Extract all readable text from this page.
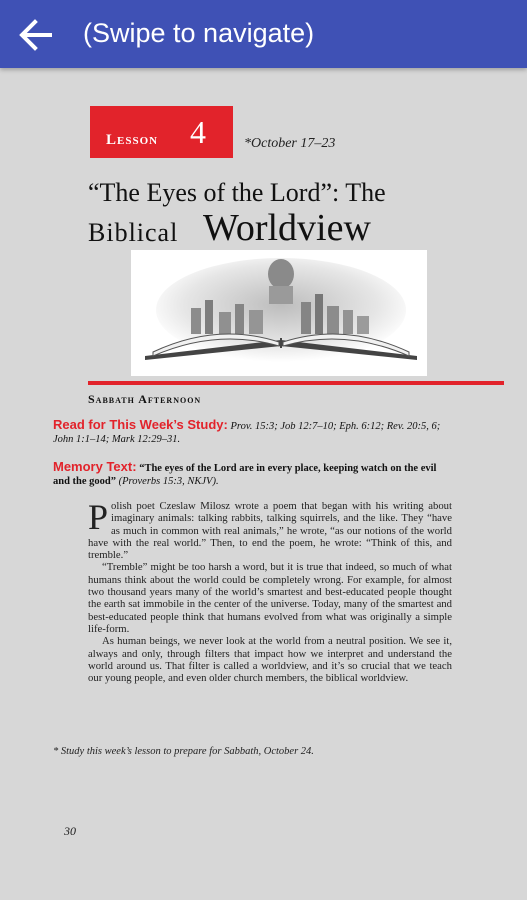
(Swipe to navigate)
Lesson 4	*October 17–23
“The Eyes of the Lord”: The
Biblical Worldview
Sabbath Afternoon
Read for This Week’s Study: Prov. 15:3; Job 12:7–10; Eph. 6:12; Rev. 20:5, 6; John 1:1–14; Mark 12:29–31.
Memory Text: “The eyes of the Lord are in every place, keeping watch on the evil and the good” (Proverbs 15:3, NKJV).

Polish poet Czeslaw Milosz wrote a poem that began with his writing about imaginary animals: talking rabbits, talking squirrels, and the like. They “have as much in common with real animals,” he wrote, “as our notions of the world have with the real world.” Then, to end the poem, he wrote: “Think of this, and tremble.”

“Tremble” might be too harsh a word, but it is true that indeed, so much of what humans think about the world could be completely wrong. For example, for almost two thousand years many of the world’s smartest and best-educated people thought the earth sat immobile in the center of the universe. Today, many of the smartest and best-educated people think that humans evolved from what was originally a simple life-form.

As human beings, we never look at the world from a neutral position. We see it, always and only, through filters that impact how we interpret and understand the world around us. That filter is called a worldview, and it’s so crucial that we teach our young people, and even older church members, the biblical worldview.

* Study this week’s lesson to prepare for Sabbath, October 24.
30
